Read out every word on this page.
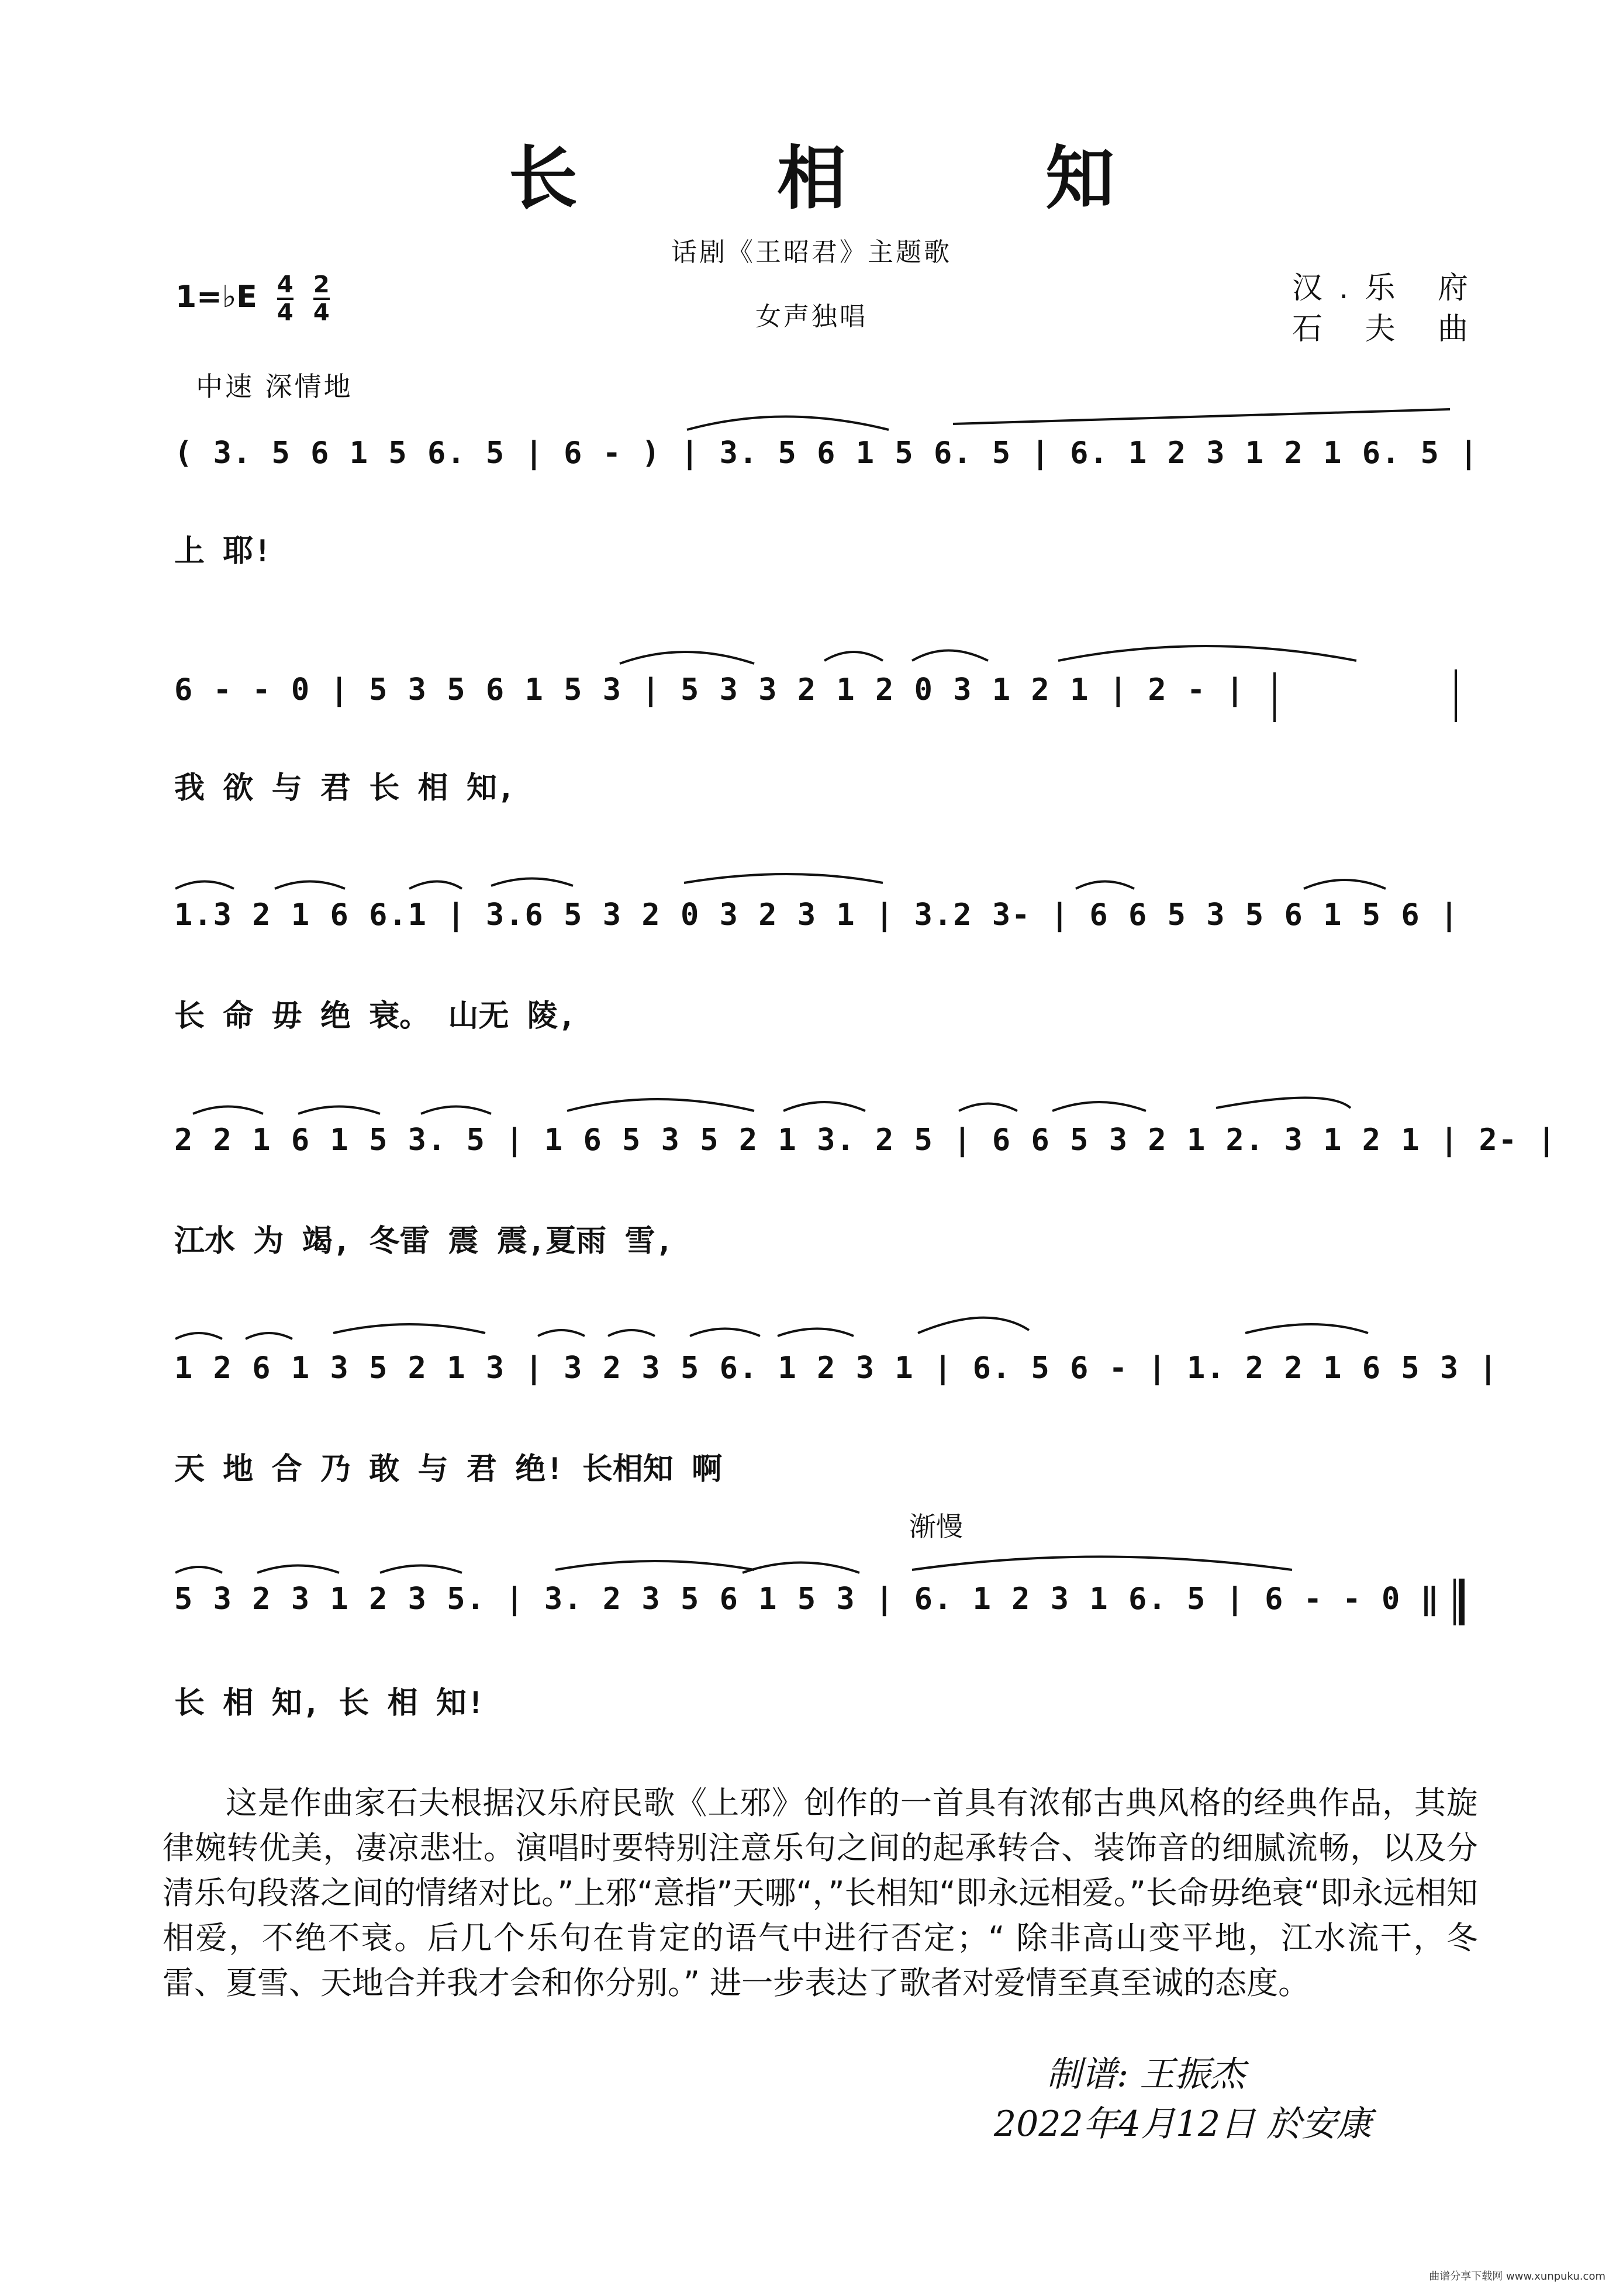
长 相 知
话剧《王昭君》主题歌
女声独唱
汉.乐 府
石 夫 曲
1=♭E $\frac{4}{4} \frac{2}{4}$
中速 深情地
( 3. 5 6 1 5 6. 5 | 6 - ) | 3. 5 6 1 5 6. 5 | 6. 1 2 3 1 2 1 6. 5 |
上 耶!
6 - - 0 | 5 3 5 6 1 5 3 | 5 3 3 2 1 2 0 3 1 2 1 | 2 - |
我 欲 与 君 长 相 知,
1.3 2 1 6 6.1 | 3.6 5 3 2 0 3 2 3 1 | 3.2 3- | 6 6 5 3 5 6 1 5 6 |
长 命 毋 绝 衰。 山无 陵,
2 2 1 6 1 5 3. 5 | 1 6 5 3 5 2 1 3. 2 5 | 6 6 5 3 2 1 2. 3 1 2 1 | 2- |
江水 为 竭, 冬雷 震 震,夏雨 雪,
1 2 6 1 3 5 2 1 3 | 3 2 3 5 6. 1 2 3 1 | 6. 5 6 - | 1. 2 2 1 6 5 3 |
天 地 合 乃 敢 与 君 绝! 长相知 啊
渐慢
5 3 2 3 1 2 3 5. | 3. 2 3 5 6 1 5 3 | 6. 1 2 3 1 6. 5 | 6 - - 0 ‖
长 相 知, 长 相 知!
这是作曲家石夫根据汉乐府民歌《上邪》创作的一首具有浓郁古典风格的经典作品，其旋律婉转优美，凄凉悲壮。演唱时要特别注意乐句之间的起承转合、装饰音的细腻流畅，以及分清乐句段落之间的情绪对比。”上邪“意指”天哪“，”长相知“即永远相爱。”长命毋绝衰“即永远相知相爱，不绝不衰。后几个乐句在肯定的语气中进行否定；“ 除非高山变平地，江水流干，冬雷、夏雪、天地合并我才会和你分别。” 进一步表达了歌者对爱情至真至诚的态度。
制谱: 王振杰
2022年4月12日 於安康
曲谱分享下载网 www.xunpuku.com
